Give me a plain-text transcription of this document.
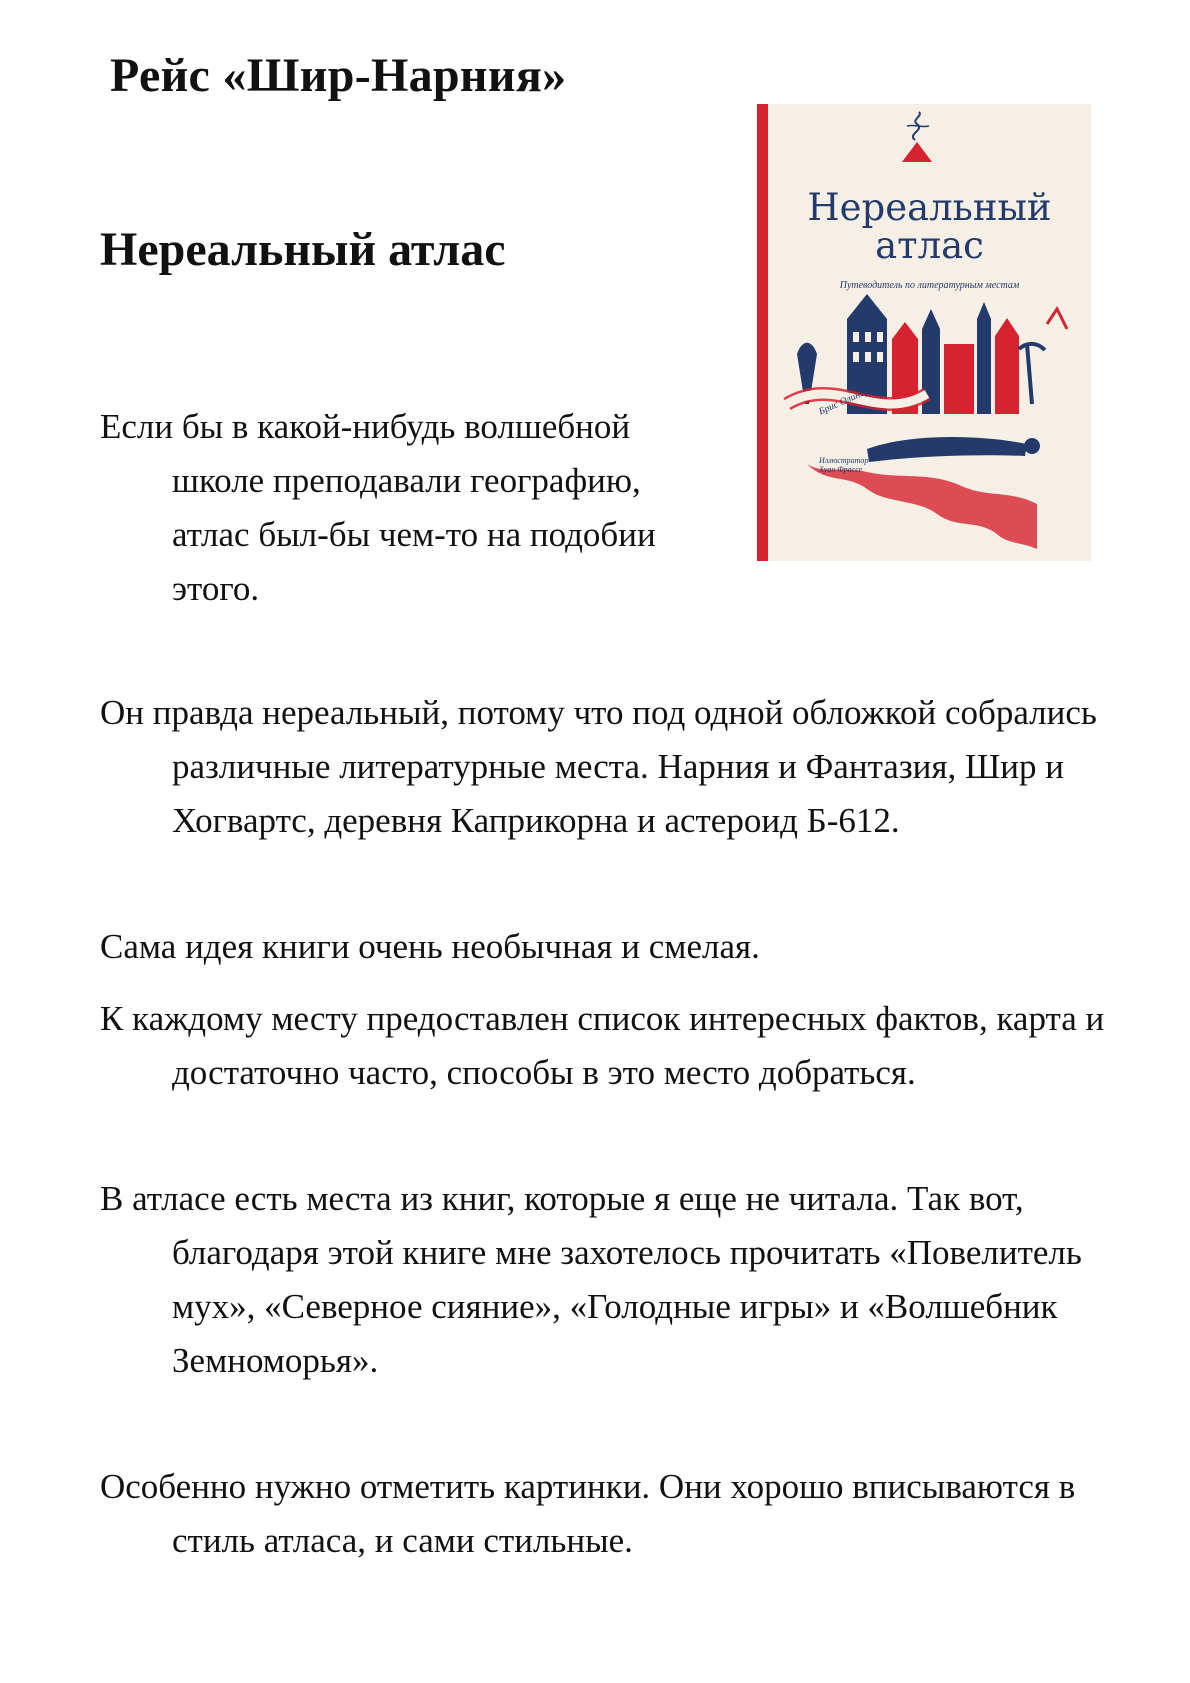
Рейс «Шир-Нарния»
Нереальный атлас
Нереальный
атлас
Путеводитель по литературным местам
Брис Олинер
Иллюстратор
Хуан Фрассе

Если бы в какой-нибудь волшебной школе преподавали географию, атлас был-бы чем-то на подобии этого.

Он правда нереальный, потому что под одной обложкой собрались различные литературные места. Нарния и Фантазия, Шир и Хогвартс, деревня Каприкорна и астероид Б-612.

Сама идея книги очень необычная и смелая.

К каждому месту предоставлен список интересных фактов, карта и достаточно часто, способы в это место добраться.

В атласе есть места из книг, которые я еще не читала. Так вот, благодаря этой книге мне захотелось прочитать «Повелитель мух», «Северное сияние», «Голодные игры» и «Волшебник Земноморья».

Особенно нужно отметить картинки. Они хорошо вписываются в стиль атласа, и сами стильные.
